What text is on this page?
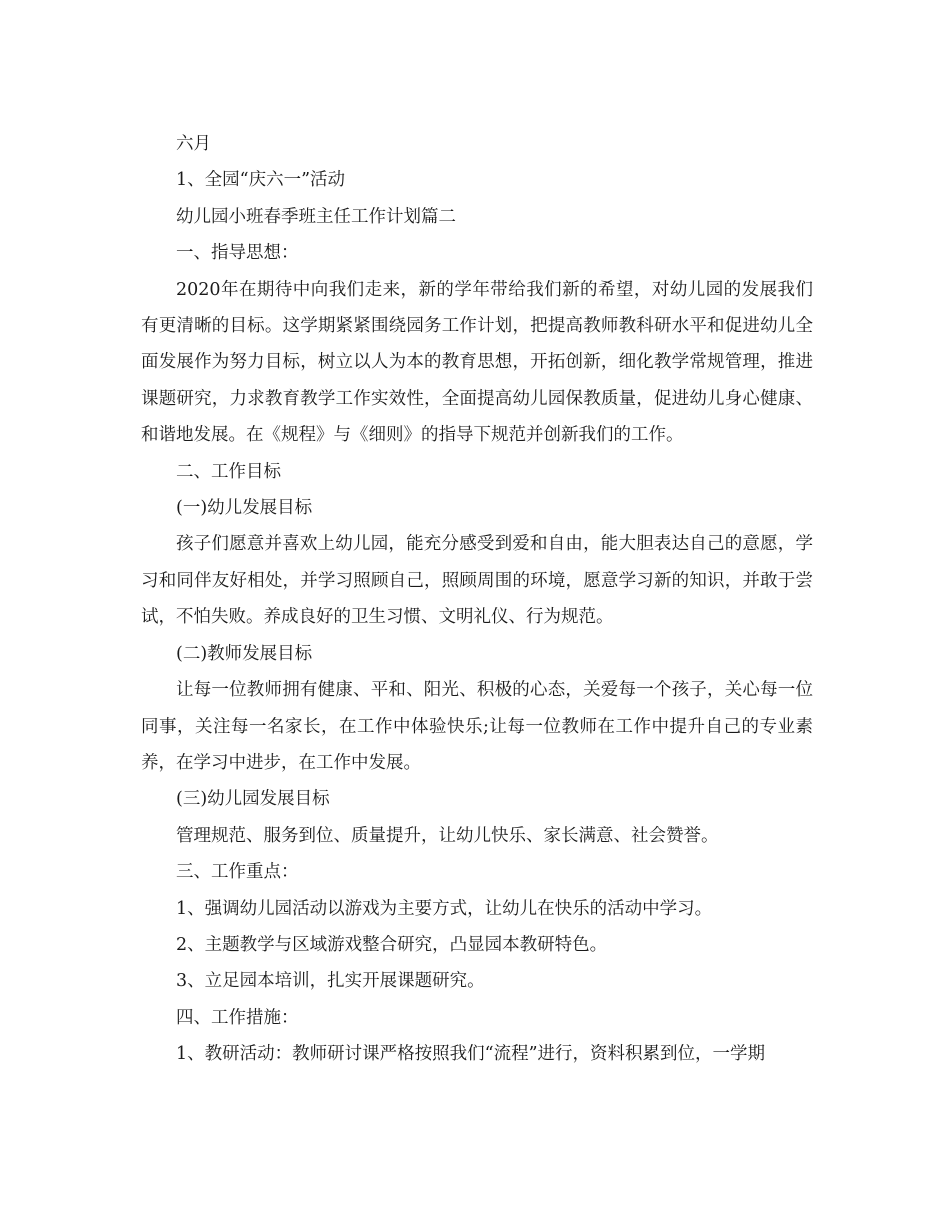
六月

1、全园“庆六一”活动

幼儿园小班春季班主任工作计划篇二

一、指导思想：

2020年在期待中向我们走来，新的学年带给我们新的希望，对幼儿园的发展我们有更清晰的目标。这学期紧紧围绕园务工作计划，把提高教师教科研水平和促进幼儿全面发展作为努力目标，树立以人为本的教育思想，开拓创新，细化教学常规管理，推进课题研究，力求教育教学工作实效性，全面提高幼儿园保教质量，促进幼儿身心健康、和谐地发展。在《规程》与《细则》的指导下规范并创新我们的工作。

二、工作目标

(一)幼儿发展目标

孩子们愿意并喜欢上幼儿园，能充分感受到爱和自由，能大胆表达自己的意愿，学习和同伴友好相处，并学习照顾自己，照顾周围的环境，愿意学习新的知识，并敢于尝试，不怕失败。养成良好的卫生习惯、文明礼仪、行为规范。

(二)教师发展目标

让每一位教师拥有健康、平和、阳光、积极的心态，关爱每一个孩子，关心每一位同事，关注每一名家长，在工作中体验快乐;让每一位教师在工作中提升自己的专业素养，在学习中进步，在工作中发展。

(三)幼儿园发展目标

管理规范、服务到位、质量提升，让幼儿快乐、家长满意、社会赞誉。

三、工作重点：

1、强调幼儿园活动以游戏为主要方式，让幼儿在快乐的活动中学习。

2、主题教学与区域游戏整合研究，凸显园本教研特色。

3、立足园本培训，扎实开展课题研究。

四、工作措施：

1、教研活动：教师研讨课严格按照我们“流程”进行，资料积累到位，一学期
